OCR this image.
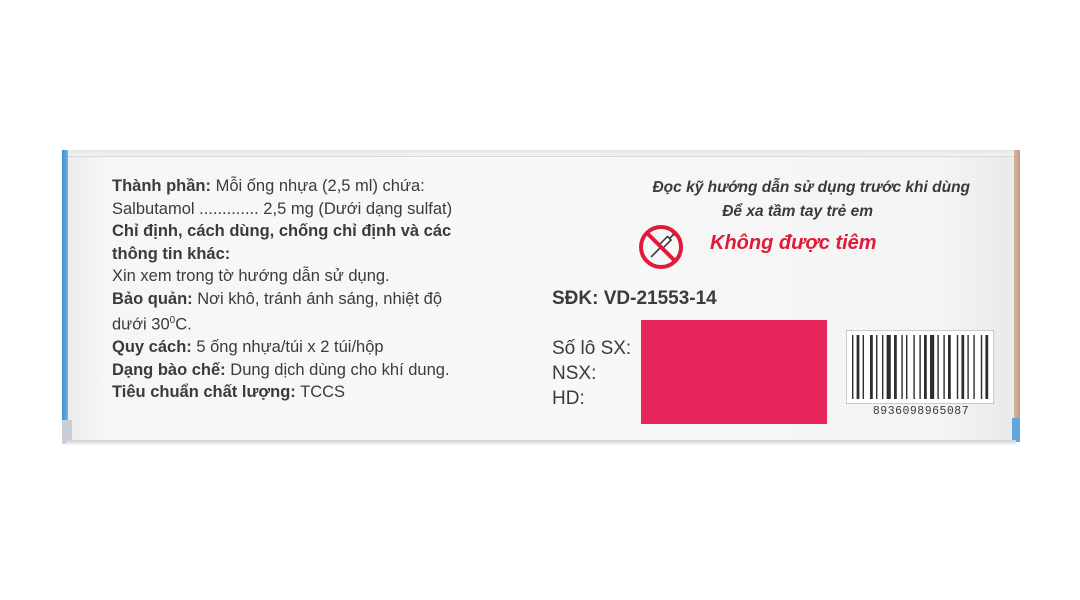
Thành phần: Mỗi ống nhựa (2,5 ml) chứa:
Salbutamol ............. 2,5 mg (Dưới dạng sulfat)
Chỉ định, cách dùng, chống chỉ định và các
thông tin khác:
Xin xem trong tờ hướng dẫn sử dụng.
Bảo quản: Nơi khô, tránh ánh sáng, nhiệt độ
dưới $30^0C$.
Quy cách: 5 ống nhựa/túi x 2 túi/hộp
Dạng bào chế: Dung dịch dùng cho khí dung.
Tiêu chuẩn chất lượng: TCCS
Đọc kỹ hướng dẫn sử dụng trước khi dùng
Để xa tầm tay trẻ em
Không được tiêm
SĐK: VD-21553-14
Số lô SX:
NSX:
HD:
8936098965087
